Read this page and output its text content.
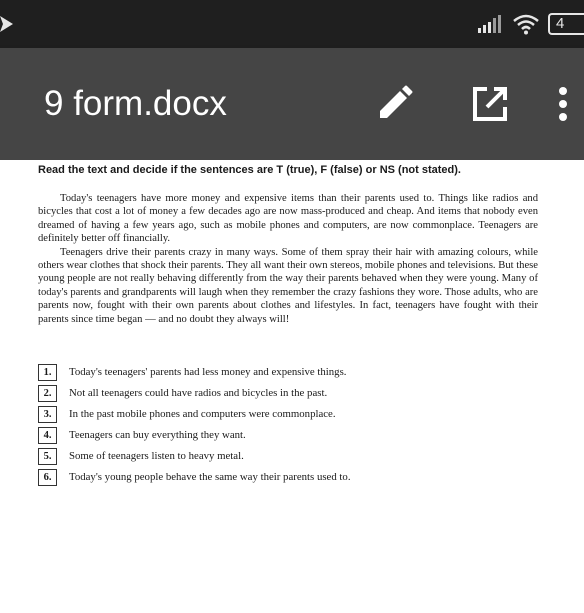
4
9 form.docx
Read the text and decide if the sentences are T (true), F (false) or NS (not stated).

Today's teenagers have more money and expensive items than their parents used to. Things like radios and bicycles that cost a lot of money a few decades ago are now mass-produced and cheap. And items that nobody even dreamed of having a few years ago, such as mobile phones and computers, are now commonplace. Teenagers are definitely better off financially.

Teenagers drive their parents crazy in many ways. Some of them spray their hair with amazing colours, while others wear clothes that shock their parents. They all want their own stereos, mobile phones and televisions. But these young people are not really behaving differently from the way their parents behaved when they were young. Many of today's parents and grandparents will laugh when they remember the crazy fashions they wore. Those adults, who are parents now, fought with their own parents about clothes and lifestyles. In fact, teenagers have fought with their parents since time began — and no doubt they always will!

1.	Today's teenagers' parents had less money and expensive things.
2.	Not all teenagers could have radios and bicycles in the past.
3.	In the past mobile phones and computers were commonplace.
4.	Teenagers can buy everything they want.
5.	Some of teenagers listen to heavy metal.
6.	Today's young people behave the same way their parents used to.
